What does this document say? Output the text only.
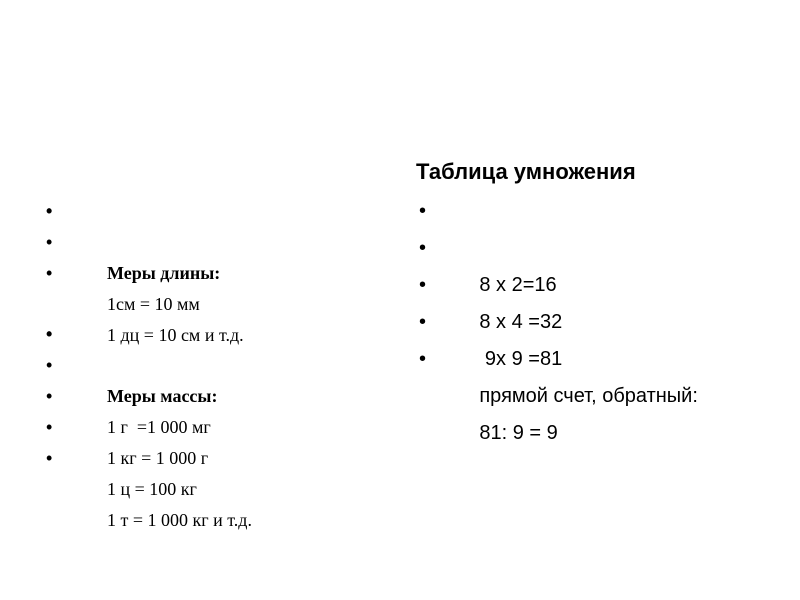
•

Меры длины:

•

1см = 10 мм

•

1 дц = 10 см и т.д.

•

Меры массы:

•

1 г  =1 000 мг

•

1 кг = 1 000 г

•

1 ц = 100 кг

•

1 т = 1 000 кг и т.д.

Таблица умножения

•

8 х 2=16

•

8 х 4 =32

•

9х 9 =81

•

прямой счет, обратный:

•

81: 9 = 9
